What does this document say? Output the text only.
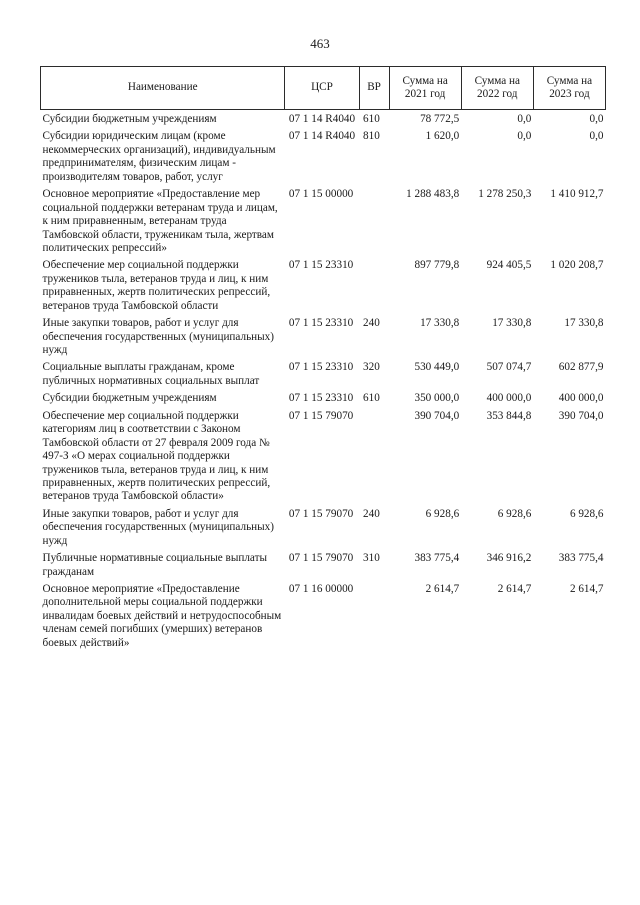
463
Наименование	ЦСР	ВР	Сумма на 2021 год	Сумма на 2022 год	Сумма на 2023 год
Субсидии бюджетным учреждениям	07 1 14 R4040	610	78 772,5	0,0	0,0
Субсидии юридическим лицам (кроме некоммерческих организаций), индивидуальным предпринимателям, физическим лицам - производителям товаров, работ, услуг	07 1 14 R4040	810	1 620,0	0,0	0,0
Основное мероприятие «Предоставление мер социальной поддержки ветеранам труда и лицам, к ним приравненным, ветеранам труда Тамбовской области, труженикам тыла, жертвам политических репрессий»	07 1 15 00000		1 288 483,8	1 278 250,3	1 410 912,7
Обеспечение мер социальной поддержки тружеников тыла, ветеранов труда и лиц, к ним приравненных, жертв политических репрессий, ветеранов труда Тамбовской области	07 1 15 23310		897 779,8	924 405,5	1 020 208,7
Иные закупки товаров, работ и услуг для обеспечения государственных (муниципальных) нужд	07 1 15 23310	240	17 330,8	17 330,8	17 330,8
Социальные выплаты гражданам, кроме публичных нормативных социальных выплат	07 1 15 23310	320	530 449,0	507 074,7	602 877,9
Субсидии бюджетным учреждениям	07 1 15 23310	610	350 000,0	400 000,0	400 000,0
Обеспечение мер социальной поддержки категориям лиц в соответствии с Законом Тамбовской области от 27 февраля 2009 года № 497-З «О мерах социальной поддержки тружеников тыла, ветеранов труда и лиц, к ним приравненных, жертв политических репрессий, ветеранов труда Тамбовской области»	07 1 15 79070		390 704,0	353 844,8	390 704,0
Иные закупки товаров, работ и услуг для обеспечения государственных (муниципальных) нужд	07 1 15 79070	240	6 928,6	6 928,6	6 928,6
Публичные нормативные социальные выплаты гражданам	07 1 15 79070	310	383 775,4	346 916,2	383 775,4
Основное мероприятие «Предоставление дополнительной меры социальной поддержки инвалидам боевых действий и нетрудоспособным членам семей погибших (умерших) ветеранов боевых действий»	07 1 16 00000		2 614,7	2 614,7	2 614,7
